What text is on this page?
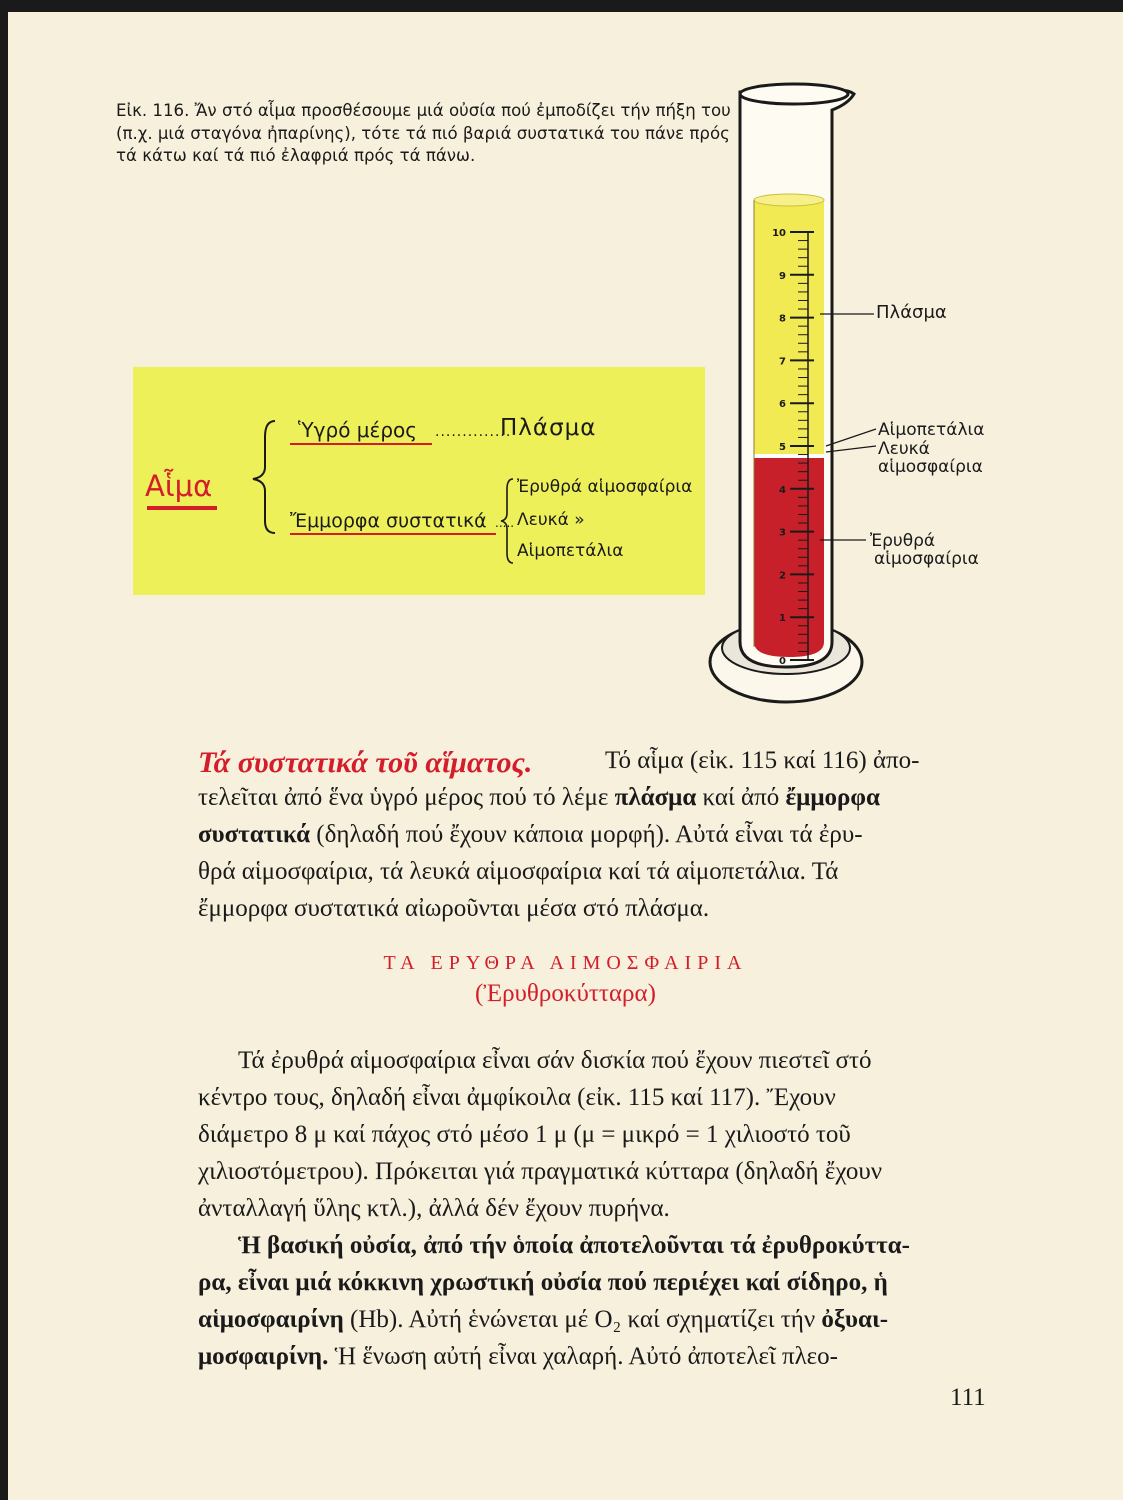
Εἰκ. 116. Ἄν στό αἷμα προσθέσουμε μιά οὐσία πού ἐμποδίζει τήν πήξη του (π.χ. μιά σταγόνα ἠπαρίνης), τότε τά πιό βαριά συστατικά του πάνε πρός τά κάτω καί τά πιό ἐλαφριά πρός τά πάνω.
Αἷμα
Ὑγρό μέρος ..............
Πλάσμα
Ἔμμορφα συστατικά .....
Ἐρυθρά αἱμοσφαίρια
Λευκά »
Αἱμοπετάλια
10
9
8
7
6
5
4
3
2
1
0
Πλάσμα
Αἱμοπετάλια
Λευκά
αἱμοσφαίρια
Ἐρυθρά
αἱμοσφαίρια
Τά συστατικά τοῦ αἵματος.	Τό αἷμα (εἰκ. 115 καί 116) ἀπο-
τελεῖται ἀπό ἕνα ὑγρό μέρος πού τό λέμε πλάσμα καί ἀπό ἔμμορφα
συστατικά (δηλαδή πού ἔχουν κάποια μορφή). Αὐτά εἶναι τά ἐρυ-
θρά αἱμοσφαίρια, τά λευκά αἱμοσφαίρια καί τά αἱμοπετάλια. Τά
ἔμμορφα συστατικά αἰωροῦνται μέσα στό πλάσμα.
ΤΑ ΕΡΥΘΡΑ ΑΙΜΟΣΦΑΙΡΙΑ
(Ἐρυθροκύτταρα)
Τά ἐρυθρά αἱμοσφαίρια εἶναι σάν δισκία πού ἔχουν πιεστεῖ στό
κέντρο τους, δηλαδή εἶναι ἀμφίκοιλα (εἰκ. 115 καί 117). Ἔχουν
διάμετρο 8 μ καί πάχος στό μέσο 1 μ (μ = μικρό = 1 χιλιοστό τοῦ
χιλιοστόμετρου). Πρόκειται γιά πραγματικά κύτταρα (δηλαδή ἔχουν
ἀνταλλαγή ὕλης κτλ.), ἀλλά δέν ἔχουν πυρήνα.
Ἡ βασική οὐσία, ἀπό τήν ὁποία ἀποτελοῦνται τά ἐρυθροκύττα-
ρα, εἶναι μιά κόκκινη χρωστική οὐσία πού περιέχει καί σίδηρο, ἡ
αἱμοσφαιρίνη (Hb). Αὐτή ἑνώνεται μέ O₂ καί σχηματίζει τήν ὀξυαι-
μοσφαιρίνη. Ἡ ἕνωση αὐτή εἶναι χαλαρή. Αὐτό ἀποτελεῖ πλεο-
111
